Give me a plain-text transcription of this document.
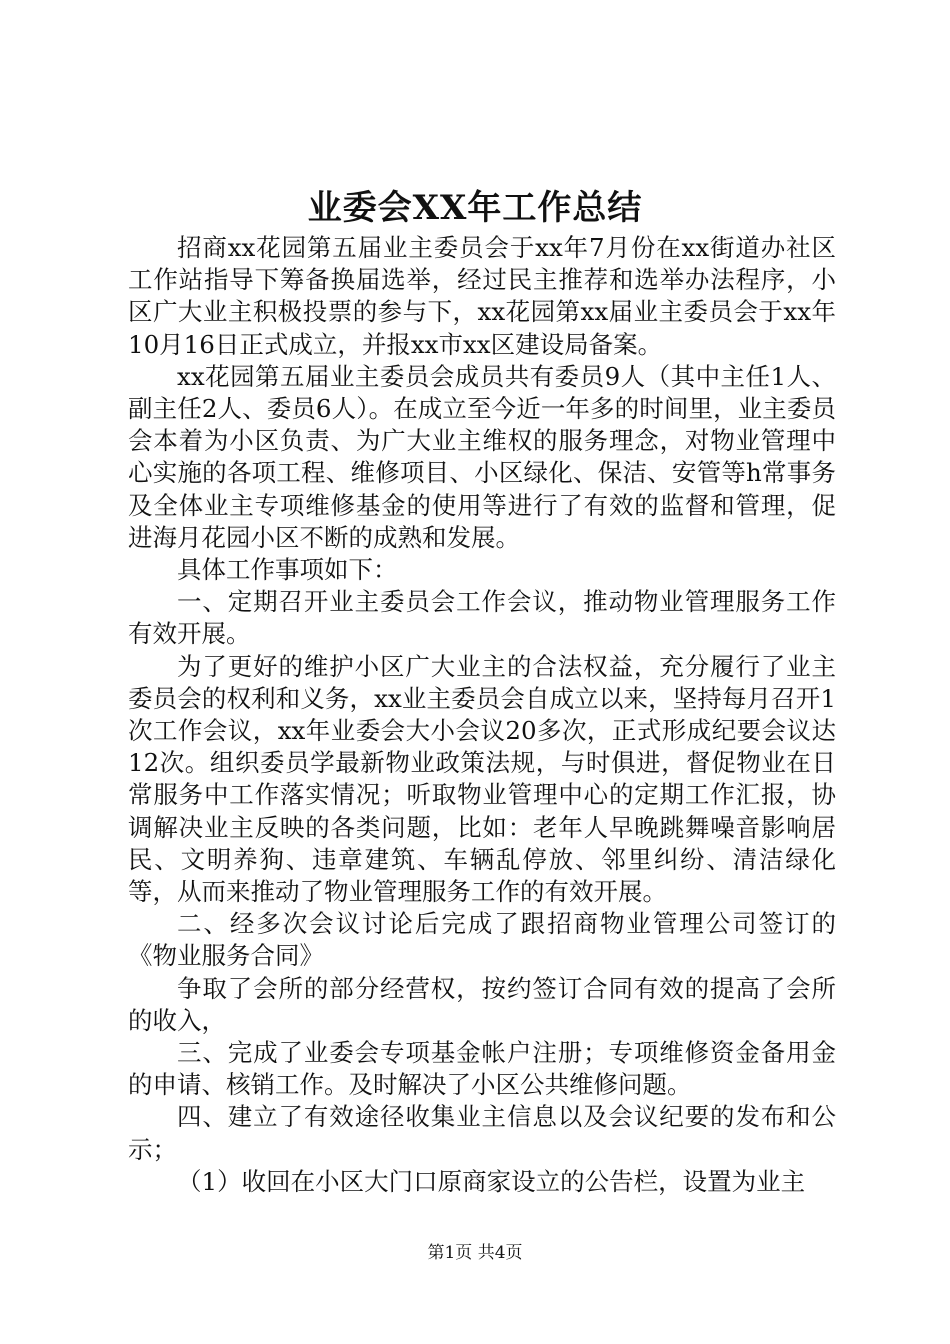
业委会XX年工作总结

招商xx花园第五届业主委员会于xx年7月份在xx街道办社区工作站指导下筹备换届选举，经过民主推荐和选举办法程序，小区广大业主积极投票的参与下，xx花园第xx届业主委员会于xx年10月16日正式成立，并报xx市xx区建设局备案。

xx花园第五届业主委员会成员共有委员9人（其中主任1人、副主任2人、委员6人）。在成立至今近一年多的时间里，业主委员会本着为小区负责、为广大业主维权的服务理念，对物业管理中心实施的各项工程、维修项目、小区绿化、保洁、安管等h常事务及全体业主专项维修基金的使用等进行了有效的监督和管理，促进海月花园小区不断的成熟和发展。

具体工作事项如下：

一、定期召开业主委员会工作会议，推动物业管理服务工作有效开展。

为了更好的维护小区广大业主的合法权益，充分履行了业主委员会的权利和义务，xx业主委员会自成立以来，坚持每月召开1次工作会议，xx年业委会大小会议20多次，正式形成纪要会议达12次。组织委员学最新物业政策法规，与时俱进，督促物业在日常服务中工作落实情况；听取物业管理中心的定期工作汇报，协调解决业主反映的各类问题，比如：老年人早晚跳舞噪音影响居民、文明养狗、违章建筑、车辆乱停放、邻里纠纷、清洁绿化等，从而来推动了物业管理服务工作的有效开展。

二、经多次会议讨论后完成了跟招商物业管理公司签订的《物业服务合同》

争取了会所的部分经营权，按约签订合同有效的提高了会所的收入，

三、完成了业委会专项基金帐户注册；专项维修资金备用金的申请、核销工作。及时解决了小区公共维修问题。

四、建立了有效途径收集业主信息以及会议纪要的发布和公示；

（1）收回在小区大门口原商家设立的公告栏，设置为业主

第1页 共4页
